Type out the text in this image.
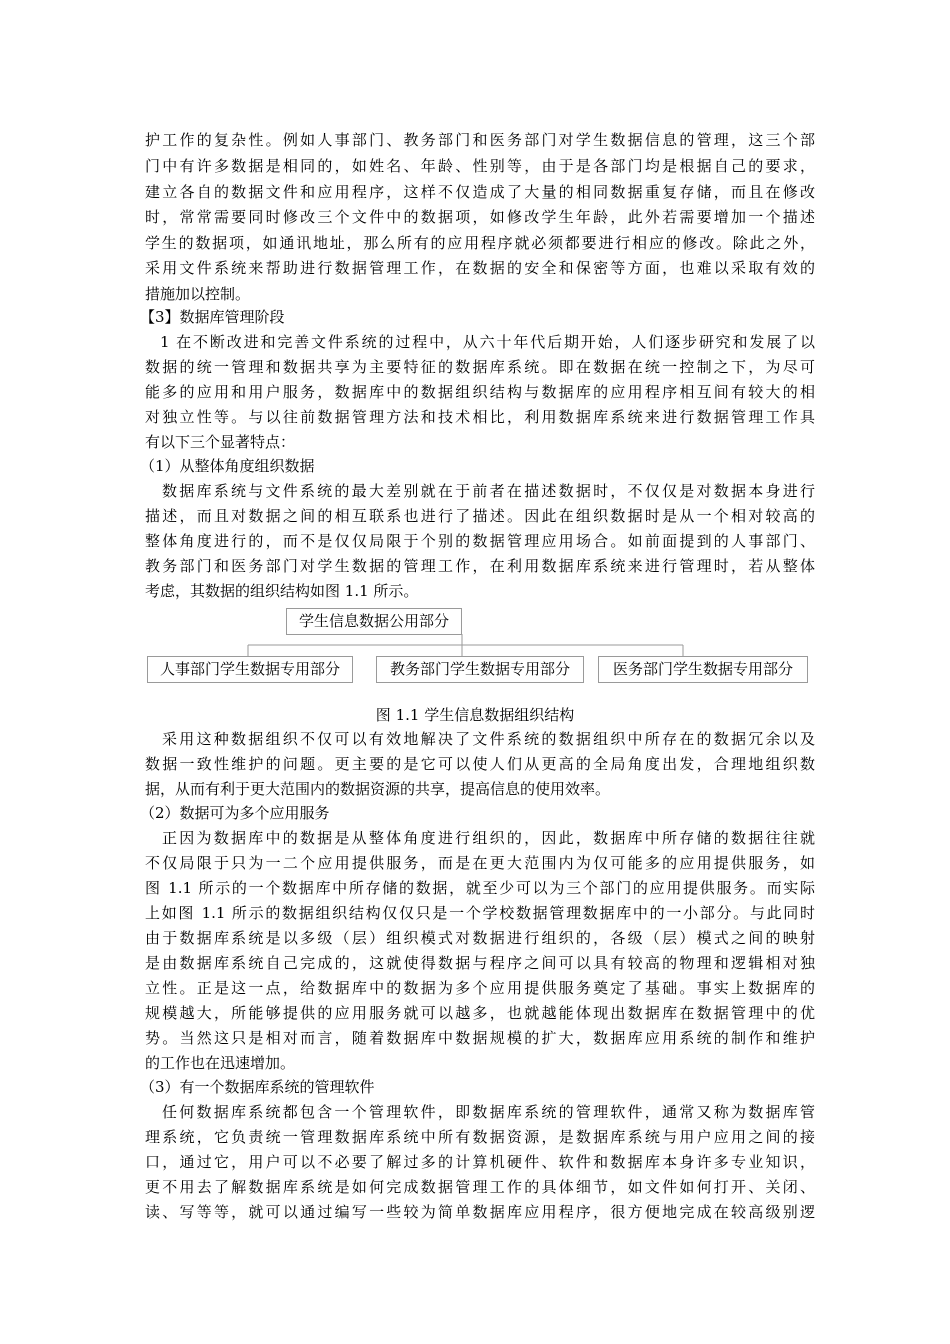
护工作的复杂性。例如人事部门、教务部门和医务部门对学生数据信息的管理，这三个部
门中有许多数据是相同的，如姓名、年龄、性别等，由于是各部门均是根据自己的要求，
建立各自的数据文件和应用程序，这样不仅造成了大量的相同数据重复存储，而且在修改
时，常常需要同时修改三个文件中的数据项，如修改学生年龄，此外若需要增加一个描述
学生的数据项，如通讯地址，那么所有的应用程序就必须都要进行相应的修改。除此之外，
采用文件系统来帮助进行数据管理工作，在数据的安全和保密等方面，也难以采取有效的
措施加以控制。
【3】数据库管理阶段
1 在不断改进和完善文件系统的过程中，从六十年代后期开始，人们逐步研究和发展了以
数据的统一管理和数据共享为主要特征的数据库系统。即在数据在统一控制之下，为尽可
能多的应用和用户服务，数据库中的数据组织结构与数据库的应用程序相互间有较大的相
对独立性等。与以往前数据管理方法和技术相比，利用数据库系统来进行数据管理工作具
有以下三个显著特点：
（1）从整体角度组织数据
数据库系统与文件系统的最大差别就在于前者在描述数据时，不仅仅是对数据本身进行
描述，而且对数据之间的相互联系也进行了描述。因此在组织数据时是从一个相对较高的
整体角度进行的，而不是仅仅局限于个别的数据管理应用场合。如前面提到的人事部门、
教务部门和医务部门对学生数据的管理工作，在利用数据库系统来进行管理时，若从整体
考虑，其数据的组织结构如图 1.1 所示。
学生信息数据公用部分
人事部门学生数据专用部分	教务部门学生数据专用部分	医务部门学生数据专用部分
图 1.1 学生信息数据组织结构
采用这种数据组织不仅可以有效地解决了文件系统的数据组织中所存在的数据冗余以及
数据一致性维护的问题。更主要的是它可以使人们从更高的全局角度出发，合理地组织数
据，从而有利于更大范围内的数据资源的共享，提高信息的使用效率。
（2）数据可为多个应用服务
正因为数据库中的数据是从整体角度进行组织的，因此，数据库中所存储的数据往往就
不仅局限于只为一二个应用提供服务，而是在更大范围内为仅可能多的应用提供服务，如
图 1.1 所示的一个数据库中所存储的数据，就至少可以为三个部门的应用提供服务。而实际
上如图 1.1 所示的数据组织结构仅仅只是一个学校数据管理数据库中的一小部分。与此同时
由于数据库系统是以多级（层）组织模式对数据进行组织的，各级（层）模式之间的映射
是由数据库系统自己完成的，这就使得数据与程序之间可以具有较高的物理和逻辑相对独
立性。正是这一点，给数据库中的数据为多个应用提供服务奠定了基础。事实上数据库的
规模越大，所能够提供的应用服务就可以越多，也就越能体现出数据库在数据管理中的优
势。当然这只是相对而言，随着数据库中数据规模的扩大，数据库应用系统的制作和维护
的工作也在迅速增加。
（3）有一个数据库系统的管理软件
任何数据库系统都包含一个管理软件，即数据库系统的管理软件，通常又称为数据库管
理系统，它负责统一管理数据库系统中所有数据资源，是数据库系统与用户应用之间的接
口，通过它，用户可以不必要了解过多的计算机硬件、软件和数据库本身许多专业知识，
更不用去了解数据库系统是如何完成数据管理工作的具体细节，如文件如何打开、关闭、
读、写等等，就可以通过编写一些较为简单数据库应用程序，很方便地完成在较高级别逻
